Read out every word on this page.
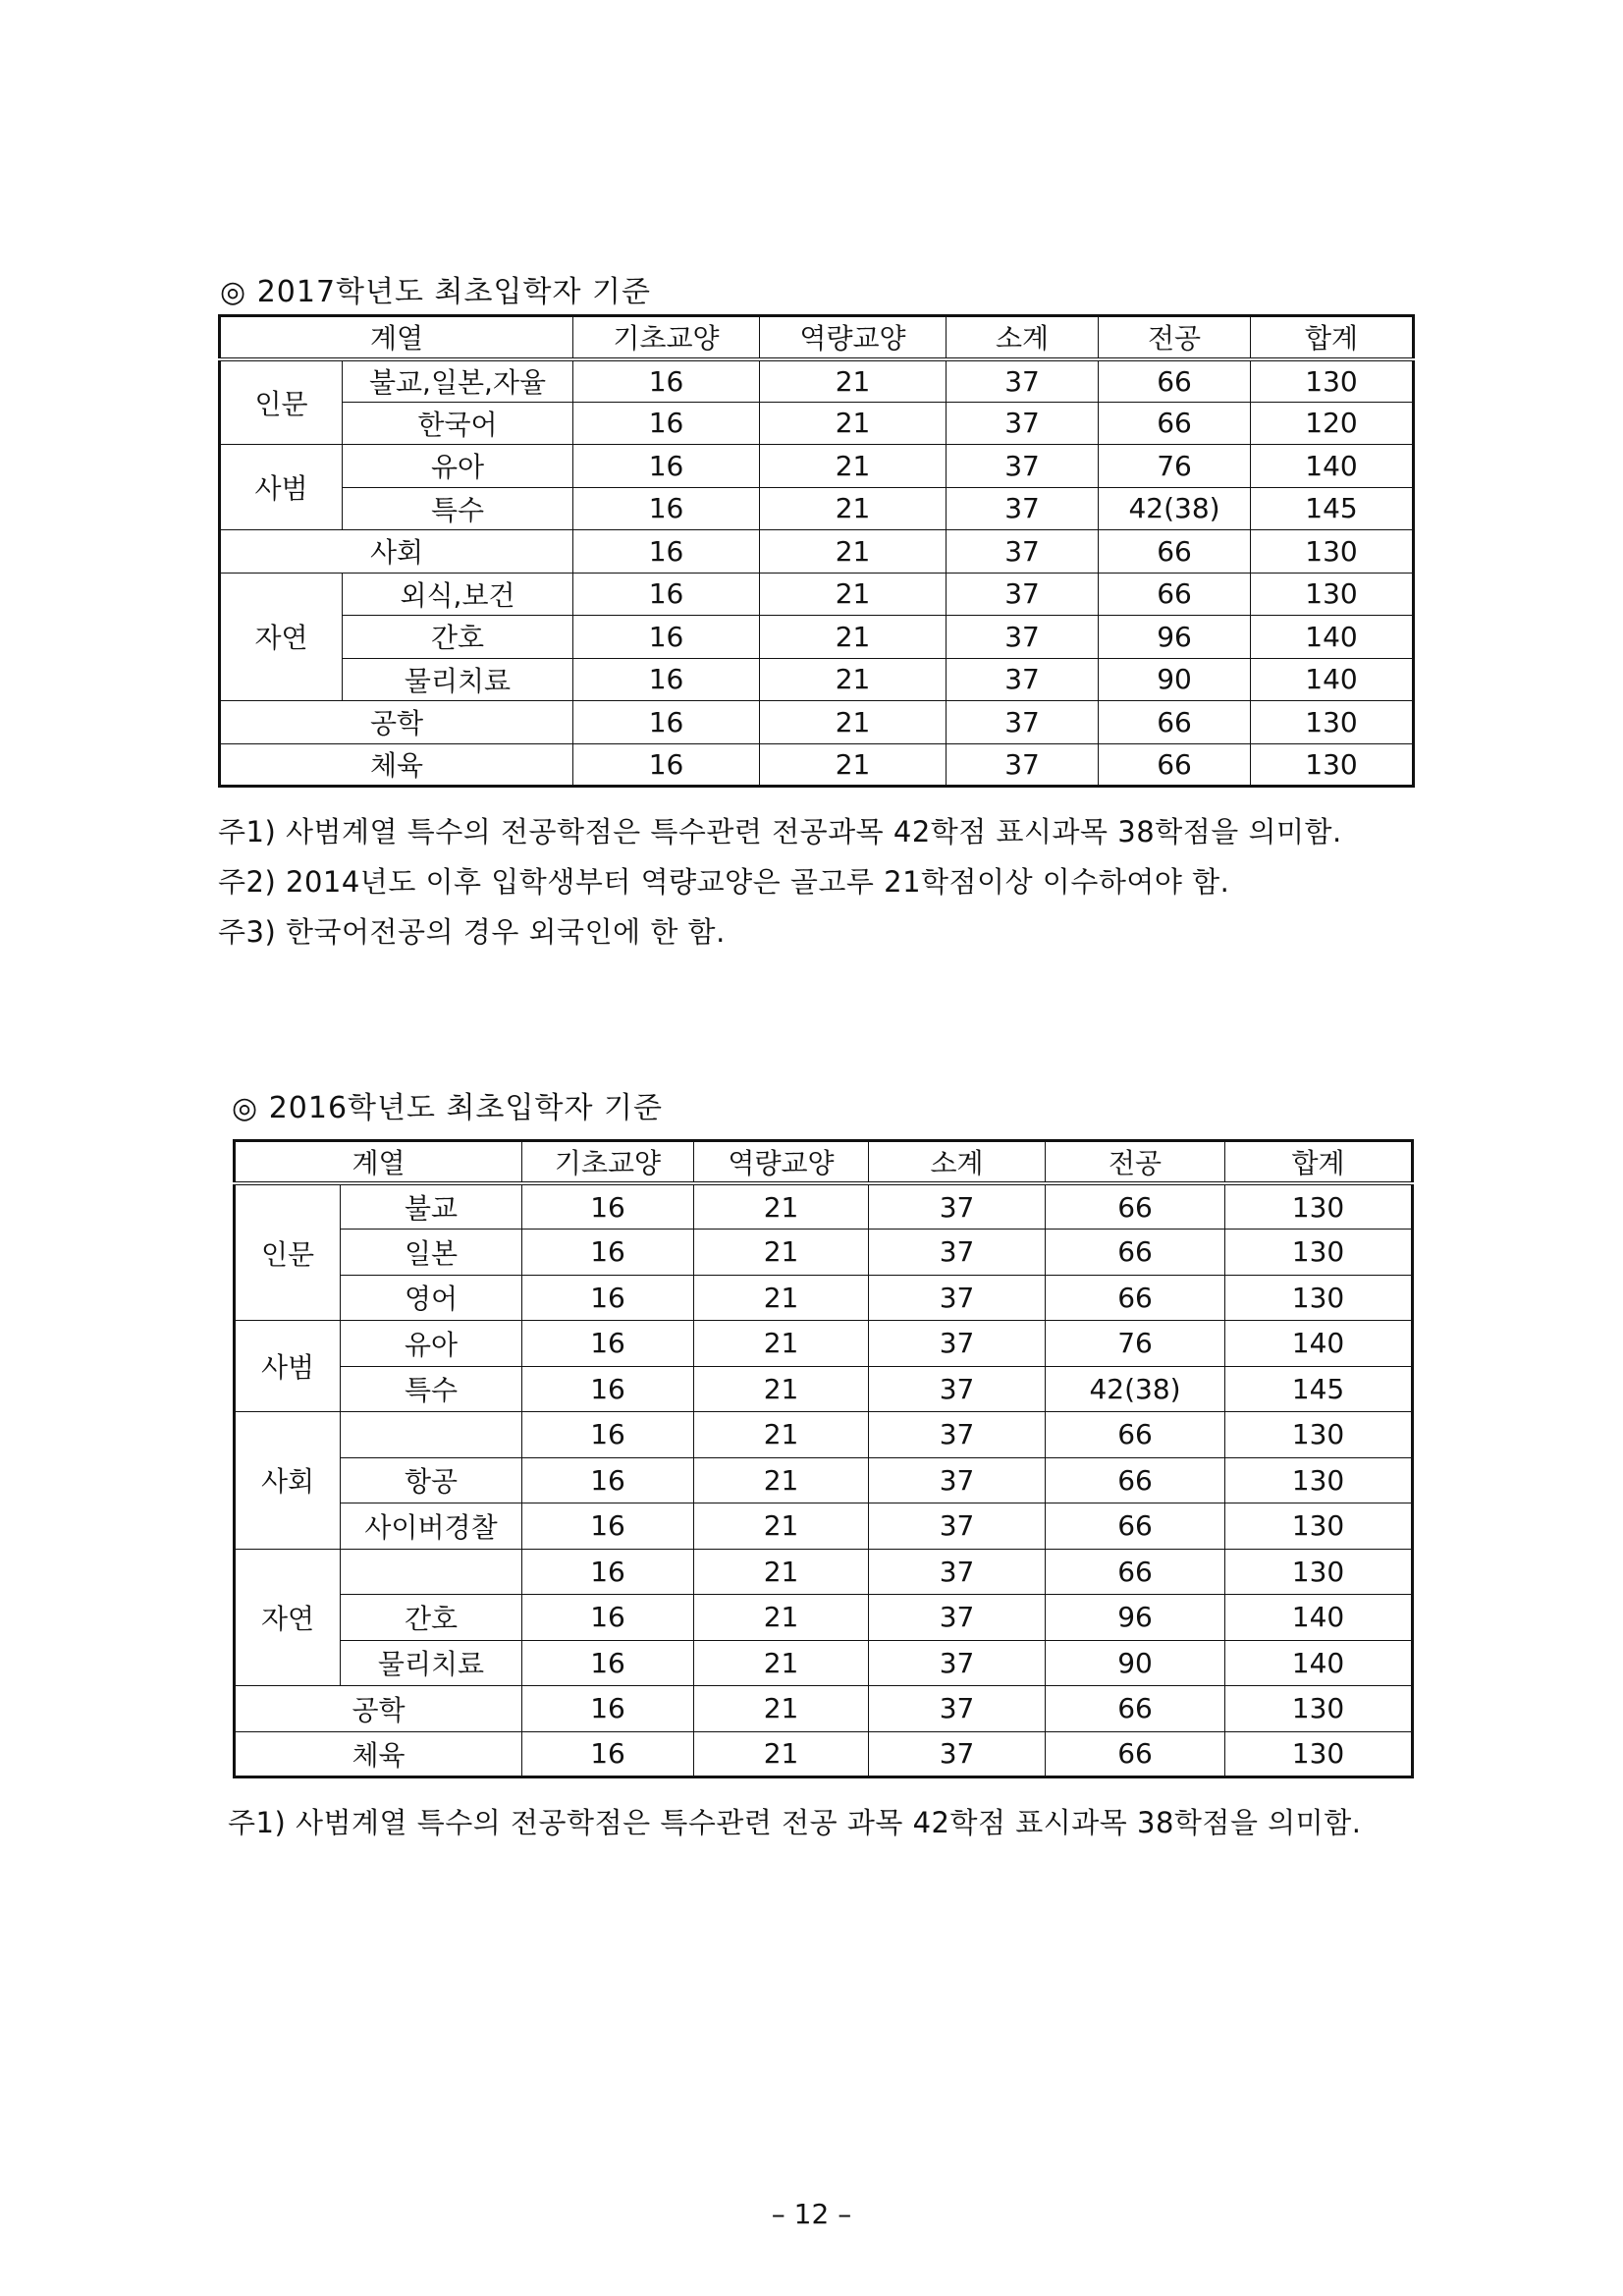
◎ 2017학년도 최초입학자 기준
계열		기초교양	역량교양	소계	전공	합계
인문	불교,일본,자율	16	21	37	66	130
	한국어	16	21	37	66	120
사범	유아	16	21	37	76	140
	특수	16	21	37	42(38)	145
사회		16	21	37	66	130
자연	외식,보건	16	21	37	66	130
	간호	16	21	37	96	140
	물리치료	16	21	37	90	140
공학		16	21	37	66	130
체육		16	21	37	66	130
주1) 사범계열 특수의 전공학점은 특수관련 전공과목 42학점 표시과목 38학점을 의미함.
주2) 2014년도 이후 입학생부터 역량교양은 골고루 21학점이상 이수하여야 함.
주3) 한국어전공의 경우 외국인에 한 함.
◎ 2016학년도 최초입학자 기준
계열		기초교양	역량교양	소계	전공	합계
인문	불교	16	21	37	66	130
	일본	16	21	37	66	130
	영어	16	21	37	66	130
사범	유아	16	21	37	76	140
	특수	16	21	37	42(38)	145
사회		16	21	37	66	130
	항공	16	21	37	66	130
	사이버경찰	16	21	37	66	130
자연		16	21	37	66	130
	간호	16	21	37	96	140
	물리치료	16	21	37	90	140
공학		16	21	37	66	130
체육		16	21	37	66	130
주1) 사범계열 특수의 전공학점은 특수관련 전공 과목 42학점 표시과목 38학점을 의미함.
– 12 –
